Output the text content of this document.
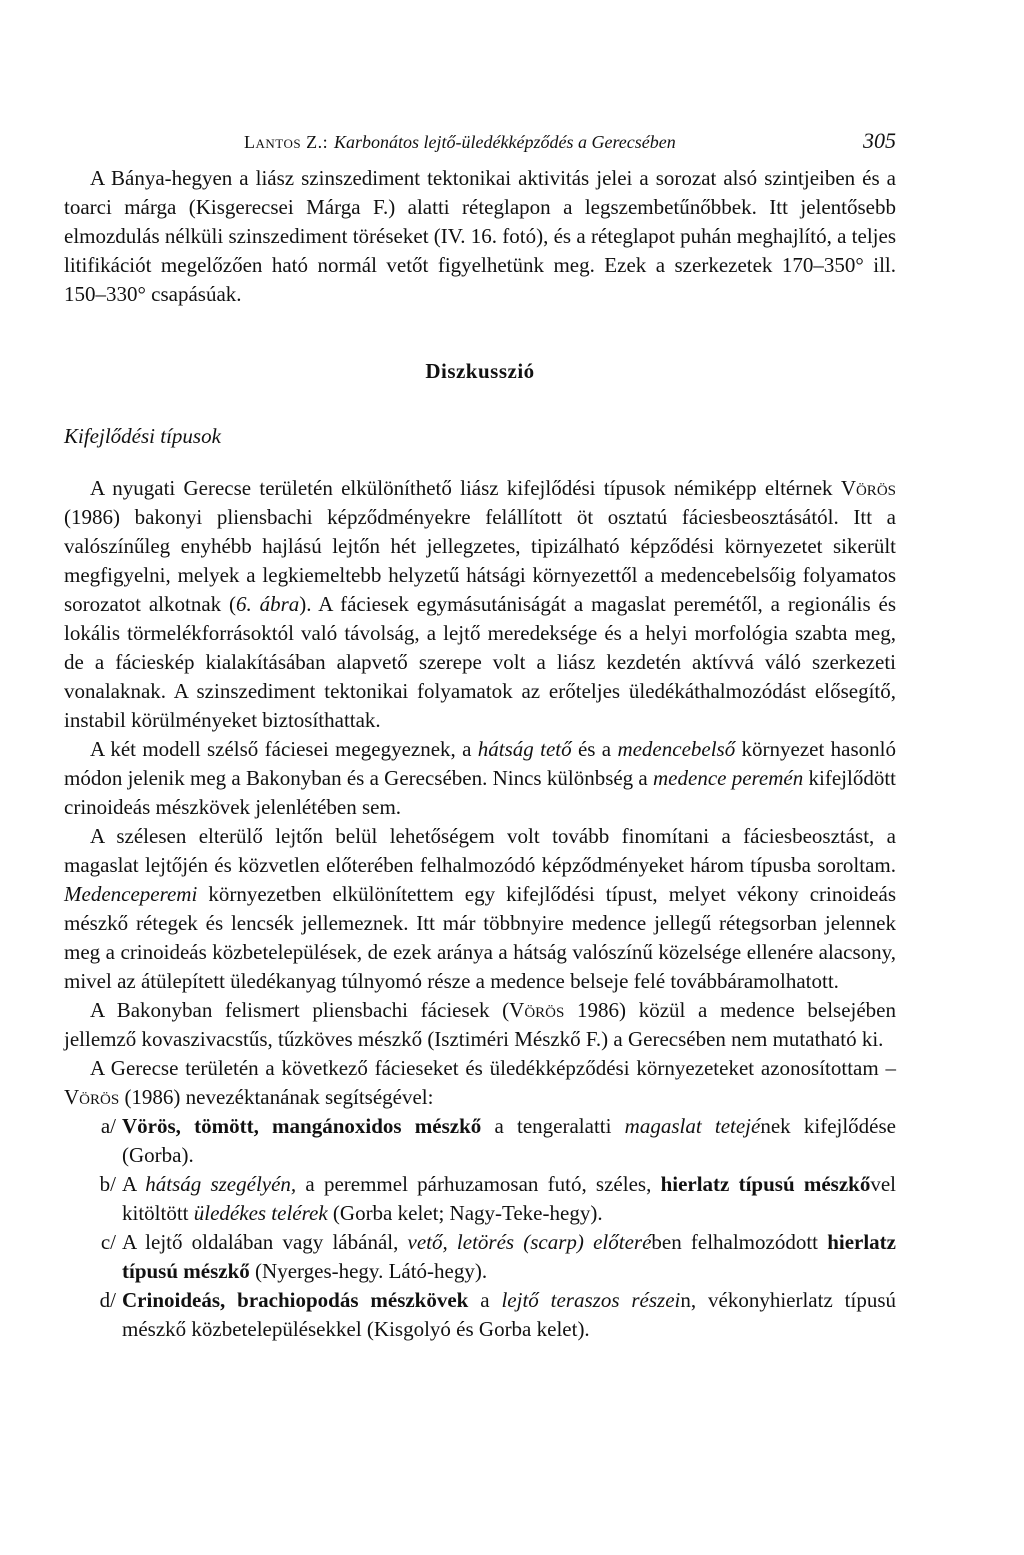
Lantos Z.: Karbonátos lejtő-üledékképződés a Gerecsében	305

A Bánya-hegyen a liász szinszediment tektonikai aktivitás jelei a sorozat alsó szintjeiben és a toarci márga (Kisgerecsei Márga F.) alatti réteglapon a legszembetűnőbbek. Itt jelentősebb elmozdulás nélküli szinszediment töréseket (IV. 16. fotó), és a réteglapot puhán meghajlító, a teljes litifikációt megelőzően ható normál vetőt figyelhetünk meg. Ezek a szerkezetek 170–350° ill. 150–330° csapásúak.

Diszkusszió
Kifejlődési típusok

A nyugati Gerecse területén elkülöníthető liász kifejlődési típusok némiképp eltérnek Vörös (1986) bakonyi pliensbachi képződményekre felállított öt osztatú fáciesbeosztásától. Itt a valószínűleg enyhébb hajlású lejtőn hét jellegzetes, tipizálható képződési környezetet sikerült megfigyelni, melyek a legkiemeltebb helyzetű hátsági környezettől a medencebelsőig folyamatos sorozatot alkotnak (6. ábra). A fáciesek egymásutániságát a magaslat peremétől, a regionális és lokális törmelékforrásoktól való távolság, a lejtő meredeksége és a helyi morfológia szabta meg, de a fácieskép kialakításában alapvető szerepe volt a liász kezdetén aktívvá váló szerkezeti vonalaknak. A szinszediment tektonikai folyamatok az erőteljes üledékáthalmozódást elősegítő, instabil körülményeket biztosíthattak.

A két modell szélső fáciesei megegyeznek, a hátság tető és a medencebelső környezet hasonló módon jelenik meg a Bakonyban és a Gerecsében. Nincs különbség a medence peremén kifejlődött crinoideás mészkövek jelenlétében sem.

A szélesen elterülő lejtőn belül lehetőségem volt tovább finomítani a fáciesbeosztást, a magaslat lejtőjén és közvetlen előterében felhalmozódó képződményeket három típusba soroltam. Medenceperemi környezetben elkülönítettem egy kifejlődési típust, melyet vékony crinoideás mészkő rétegek és lencsék jellemeznek. Itt már többnyire medence jellegű rétegsorban jelennek meg a crinoideás közbetelepülések, de ezek aránya a hátság valószínű közelsége ellenére alacsony, mivel az átülepített üledékanyag túlnyomó része a medence belseje felé továbbáramolhatott.

A Bakonyban felismert pliensbachi fáciesek (Vörös 1986) közül a medence belsejében jellemző kovaszivacstűs, tűzköves mészkő (Isztiméri Mészkő F.) a Gerecsében nem mutatható ki.

A Gerecse területén a következő fácieseket és üledékképződési környezeteket azonosítottam – Vörös (1986) nevezéktanának segítségével:

a/ Vörös, tömött, mangánoxidos mészkő a tengeralatti magaslat tetejének kifejlődése (Gorba).
b/ A hátság szegélyén, a peremmel párhuzamosan futó, széles, hierlatz típusú mészkővel kitöltött üledékes telérek (Gorba kelet; Nagy-Teke-hegy).
c/ A lejtő oldalában vagy lábánál, vető, letörés (scarp) előterében felhalmozódott hierlatz típusú mészkő (Nyerges-hegy. Látó-hegy).
d/ Crinoideás, brachiopodás mészkövek a lejtő teraszos részein, vékonyhierlatz típusú mészkő közbetelepülésekkel (Kisgolyó és Gorba kelet).
